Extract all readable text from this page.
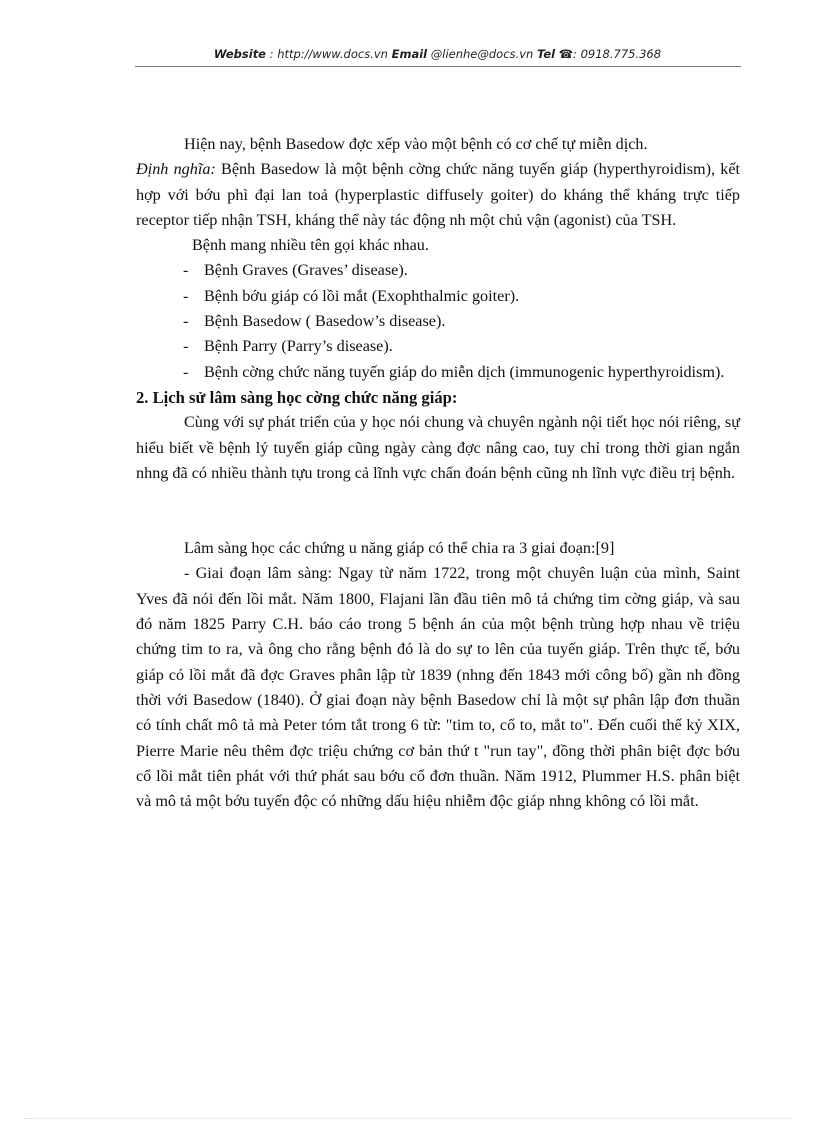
Website : http://www.docs.vn Email @lienhe@docs.vn Tel ☎: 0918.775.368

Hiện nay, bệnh Basedow đợc xếp vào một bệnh có cơ chế tự miễn dịch.

Định nghĩa: Bệnh Basedow là một bệnh cờng chức năng tuyến giáp (hyperthyroidism), kết hợp với bớu phì đại lan toả (hyperplastic diffusely goiter) do kháng thể kháng trực tiếp receptor tiếp nhận TSH, kháng thể này tác động nh một chủ vận (agonist) của TSH.

Bệnh mang nhiều tên gọi khác nhau.

- Bệnh Graves (Graves’ disease).

- Bệnh bớu giáp có lồi mắt (Exophthalmic goiter).

- Bệnh Basedow ( Basedow’s disease).

- Bệnh Parry (Parry’s disease).

- Bệnh cờng chức năng tuyến giáp do miễn dịch (immunogenic hyperthyroidism).

2. Lịch sử lâm sàng học cờng chức năng giáp:

Cùng với sự phát triển của y học nói chung và chuyên ngành nội tiết học nói riêng, sự hiểu biết về bệnh lý tuyến giáp cũng ngày càng đợc nâng cao, tuy chỉ trong thời gian ngắn nhng đã có nhiều thành tựu trong cả lĩnh vực chẩn đoán bệnh cũng nh lĩnh vực điều trị bệnh.

Lâm sàng học các chứng u năng giáp có thể chia ra 3 giai đoạn:[9]

- Giai đoạn lâm sàng: Ngay từ năm 1722, trong một chuyên luận của mình, Saint Yves đã nói đến lồi mắt. Năm 1800, Flajani lần đầu tiên mô tả chứng tim cờng giáp, và sau đó năm 1825 Parry C.H. báo cáo trong 5 bệnh án của một bệnh trùng hợp nhau về triệu chứng tim to ra, và ông cho rằng bệnh đó là do sự to lên của tuyến giáp. Trên thực tế, bớu giáp có lồi mắt đã đợc Graves phân lập từ 1839 (nhng đến 1843 mới công bố) gần nh đồng thời với Basedow (1840). Ở giai đoạn này bệnh Basedow chỉ là một sự phân lập đơn thuần có tính chất mô tả mà Peter tóm tắt trong 6 từ: "tim to, cổ to, mắt to". Đến cuối thế kỷ XIX, Pierre Marie nêu thêm đợc triệu chứng cơ bản thứ t "run tay", đồng thời phân biệt đợc bớu cổ lồi mắt tiên phát với thứ phát sau bớu cổ đơn thuần. Năm 1912, Plummer H.S. phân biệt và mô tả một bớu tuyến độc có những dấu hiệu nhiễm độc giáp nhng không có lồi mắt.
